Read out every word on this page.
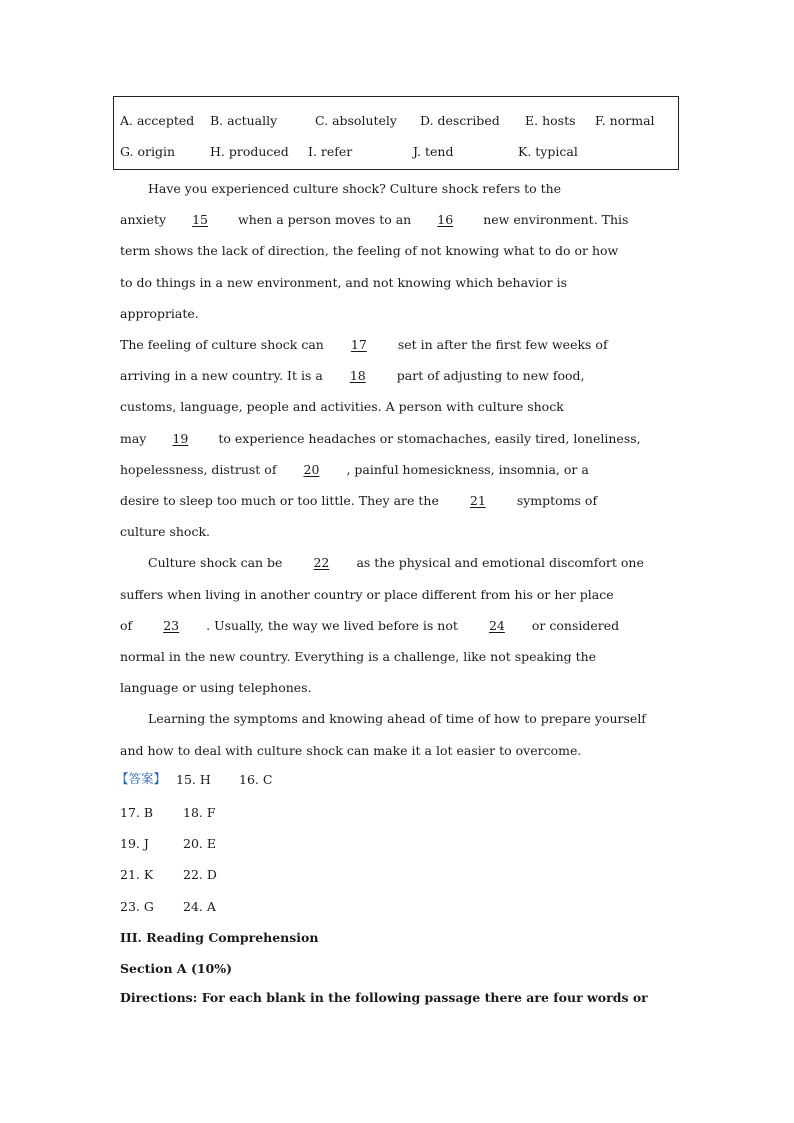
A. accepted B. actually	C. absolutely D. described E. hosts F. normal
G. origin	H. produced I. refer	J. tend	K. typical
Have you experienced culture shock? Culture shock refers to the
anxiety 15 when a person moves to an 16 new environment. This
term shows the lack of direction, the feeling of not knowing what to do or how
to do things in a new environment, and not knowing which behavior is
appropriate.
The feeling of culture shock can 17 set in after the first few weeks of
arriving in a new country. It is a 18 part of adjusting to new food,
customs, language, people and activities. A person with culture shock
may 19 to experience headaches or stomachaches, easily tired, loneliness,
hopelessness, distrust of 20 , painful homesickness, insomnia, or a
desire to sleep too much or too little. They are the 21 symptoms of
culture shock.
Culture shock can be 22 as the physical and emotional discomfort one
suffers when living in another country or place different from his or her place
of 23 . Usually, the way we lived before is not 24 or considered
normal in the new country. Everything is a challenge, like not speaking the
language or using telephones.
Learning the symptoms and knowing ahead of time of how to prepare yourself
and how to deal with culture shock can make it a lot easier to overcome.
【答案】 15. H 16. C
17. B 18. F
19. J	20. E
21. K 22. D
23. G 24. A
III. Reading Comprehension
Section A (10%)
Directions: For each blank in the following passage there are four words or
